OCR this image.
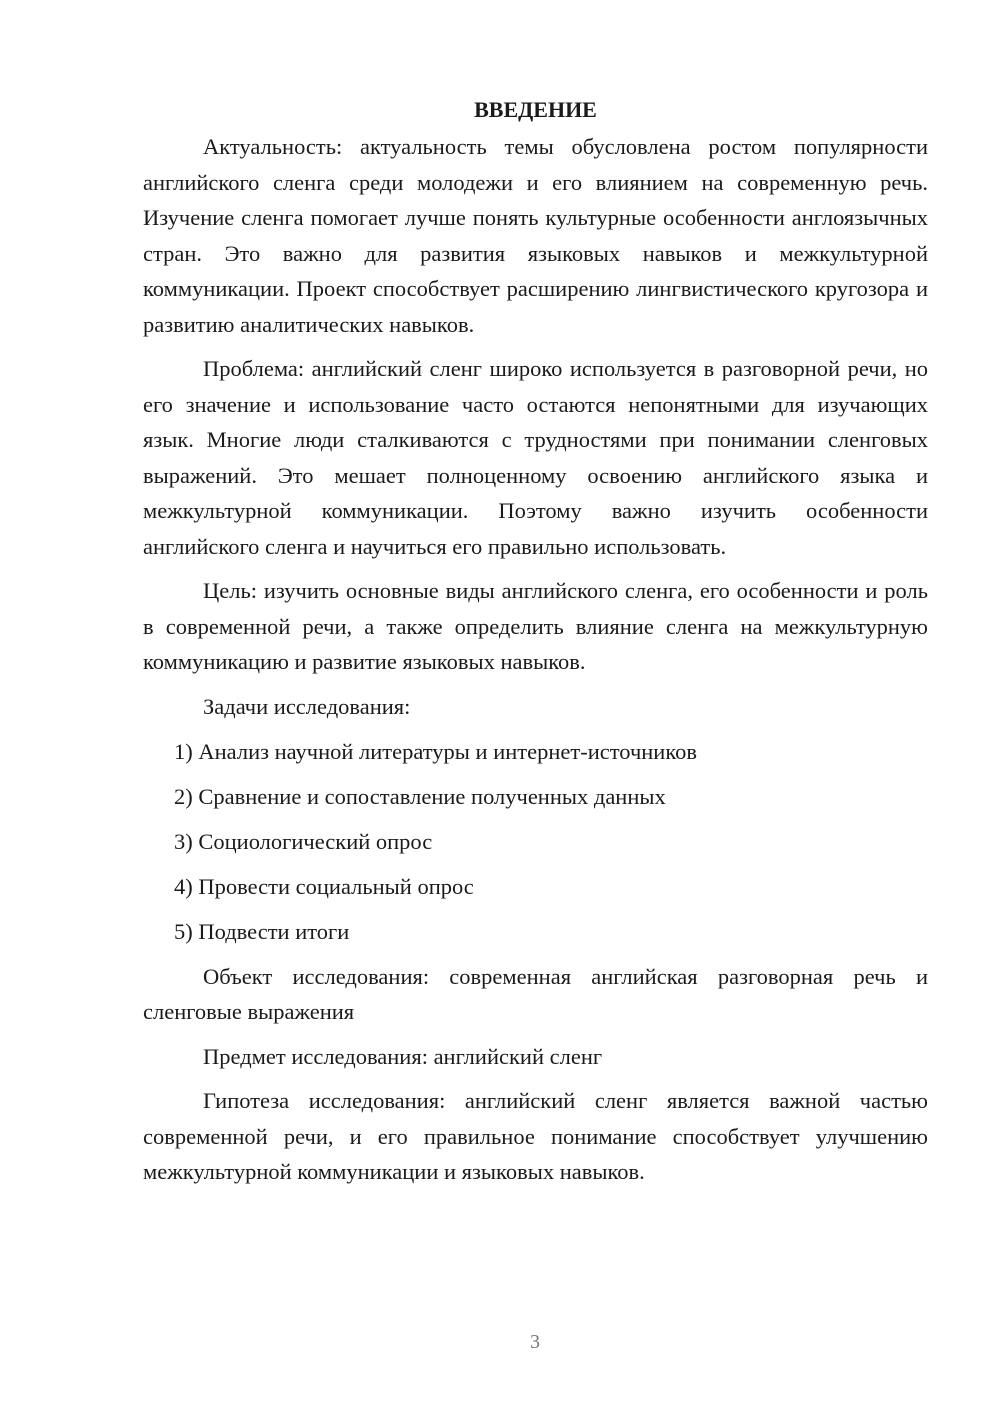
ВВЕДЕНИЕ
Актуальность: актуальность темы обусловлена ростом популярности английского сленга среди молодежи и его влиянием на современную речь. Изучение сленга помогает лучше понять культурные особенности англоязычных стран. Это важно для развития языковых навыков и межкультурной коммуникации. Проект способствует расширению лингвистического кругозора и развитию аналитических навыков.
Проблема: английский сленг широко используется в разговорной речи, но его значение и использование часто остаются непонятными для изучающих язык. Многие люди сталкиваются с трудностями при понимании сленговых выражений. Это мешает полноценному освоению английского языка и межкультурной коммуникации. Поэтому важно изучить особенности английского сленга и научиться его правильно использовать.
Цель: изучить основные виды английского сленга, его особенности и роль в современной речи, а также определить влияние сленга на межкультурную коммуникацию и развитие языковых навыков.
Задачи исследования:
1) Анализ научной литературы и интернет-источников
2) Сравнение и сопоставление полученных данных
3) Социологический опрос
4) Провести социальный опрос
5) Подвести итоги
Объект исследования: современная английская разговорная речь и сленговые выражения
Предмет исследования: английский сленг
Гипотеза исследования: английский сленг является важной частью современной речи, и его правильное понимание способствует улучшению межкультурной коммуникации и языковых навыков.
3
